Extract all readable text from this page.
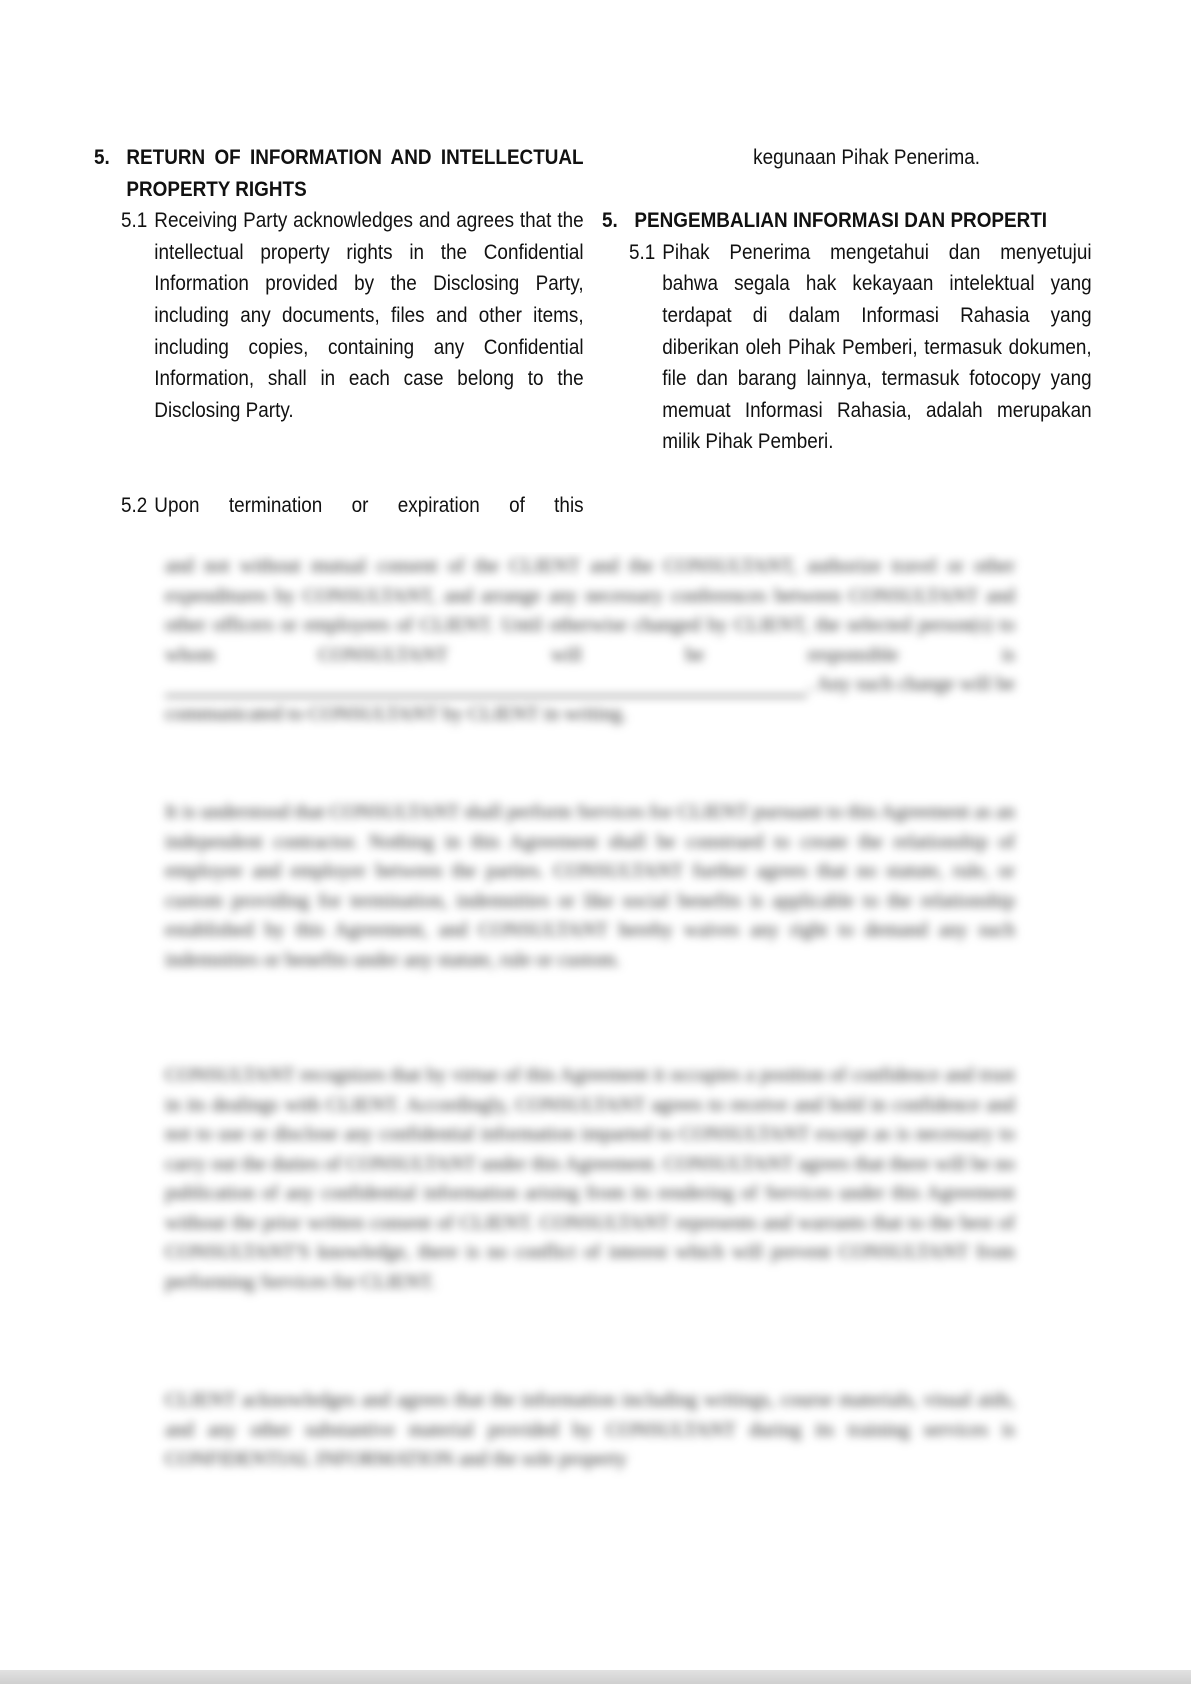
5. RETURN OF INFORMATION AND INTELLECTUAL PROPERTY RIGHTS
5.1 Receiving Party acknowledges and agrees that the intellectual property rights in the Confidential Information provided by the Disclosing Party, including any documents, files and other items, including copies, containing any Confidential Information, shall in each case belong to the Disclosing Party.
5.2 Upon termination or expiration of this
kegunaan Pihak Penerima.
5. PENGEMBALIAN INFORMASI DAN PROPERTI
5.1 Pihak Penerima mengetahui dan menyetujui bahwa segala hak kekayaan intelektual yang terdapat di dalam Informasi Rahasia yang diberikan oleh Pihak Pemberi, termasuk dokumen, file dan barang lainnya, termasuk fotocopy yang memuat Informasi Rahasia, adalah merupakan milik Pihak Pemberi.
and not without mutual consent of the CLIENT and the CONSULTANT, authorize travel or other expenditures by CONSULTANT, and arrange any necessary conferences between CONSULTANT and other officers or employees of CLIENT. Until otherwise changed by CLIENT, the selected person(s) to whom CONSULTANT will be responsible is                                                                                                                           . Any such change will be communicated to CONSULTANT by CLIENT in writing.
It is understood that CONSULTANT shall perform Services for CLIENT pursuant to this Agreement as an independent contractor. Nothing in this Agreement shall be construed to create the relationship of employee and employer between the parties. CONSULTANT further agrees that no statute, rule, or custom providing for termination, indemnities or like social benefits is applicable to the relationship established by this Agreement, and CONSULTANT hereby waives any right to demand any such indemnities or benefits under any statute, rule or custom.
CONSULTANT recognizes that by virtue of this Agreement it occupies a position of confidence and trust in its dealings with CLIENT. Accordingly, CONSULTANT agrees to receive and hold in confidence and not to use or disclose any confidential information imparted to CONSULTANT except as is necessary to carry out the duties of CONSULTANT under this Agreement. CONSULTANT agrees that there will be no publication of any confidential information arising from its rendering of Services under this Agreement without the prior written consent of CLIENT. CONSULTANT represents and warrants that to the best of CONSULTANT'S knowledge, there is no conflict of interest which will prevent CONSULTANT from performing Services for CLIENT.
CLIENT acknowledges and agrees that the information including writings, course materials, visual aids, and any other substantive material provided by CONSULTANT during its training services is CONFIDENTIAL INFORMATION and the sole property
